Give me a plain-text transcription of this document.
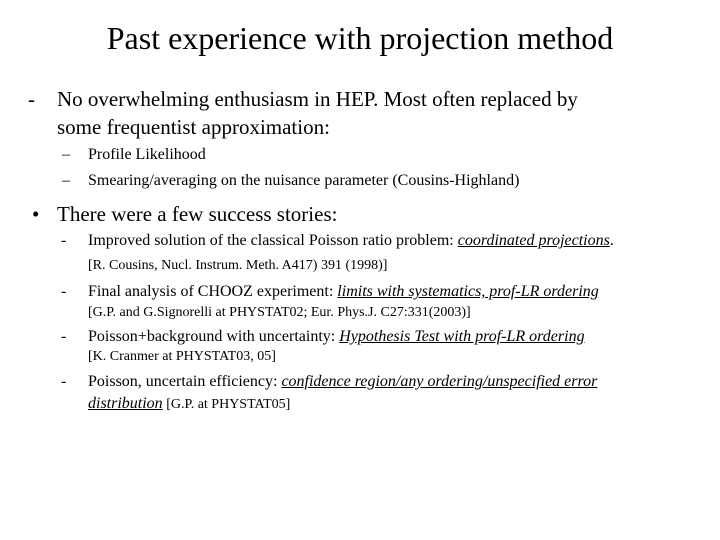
Past experience with projection method
- No overwhelming enthusiasm in HEP. Most often replaced by
some frequentist approximation:
– Profile Likelihood
– Smearing/averaging on the nuisance parameter (Cousins-Highland)
• There were a few success stories:
- Improved solution of the classical Poisson ratio problem: coordinated projections.
[R. Cousins, Nucl. Instrum. Meth. A417) 391 (1998)]
- Final analysis of CHOOZ experiment: limits with systematics, prof-LR ordering
[G.P. and G.Signorelli at PHYSTAT02; Eur. Phys.J. C27:331(2003)]
- Poisson+background with uncertainty: Hypothesis Test with prof-LR ordering
[K. Cranmer at PHYSTAT03, 05]
- Poisson, uncertain efficiency: confidence region/any ordering/unspecified error
distribution [G.P. at PHYSTAT05]
